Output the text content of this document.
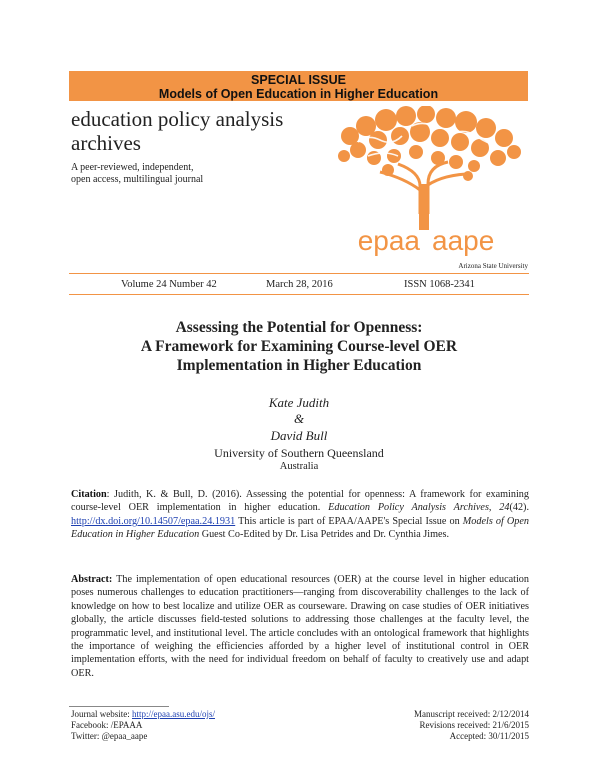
SPECIAL ISSUE
Models of Open Education in Higher Education
education policy analysis
archives
A peer-reviewed, independent,
open access, multilingual journal
epaa aape
Arizona State University
Volume 24 Number 42	March 28, 2016	ISSN 1068-2341
Assessing the Potential for Openness:
A Framework for Examining Course-level OER
Implementation in Higher Education
Kate Judith
&
David Bull
University of Southern Queensland
Australia
Citation: Judith, K. & Bull, D. (2016). Assessing the potential for openness: A framework for examining course-level OER implementation in higher education. Education Policy Analysis Archives, 24(42). http://dx.doi.org/10.14507/epaa.24.1931 This article is part of EPAA/AAPE's Special Issue on Models of Open Education in Higher Education Guest Co-Edited by Dr. Lisa Petrides and Dr. Cynthia Jimes.
Abstract: The implementation of open educational resources (OER) at the course level in higher education poses numerous challenges to education practitioners—ranging from discoverability challenges to the lack of knowledge on how to best localize and utilize OER as courseware. Drawing on case studies of OER initiatives globally, the article discusses field-tested solutions to addressing those challenges at the faculty level, the programmatic level, and institutional level. The article concludes with an ontological framework that highlights the importance of weighing the efficiencies afforded by a higher level of institutional control in OER implementation efforts, with the need for individual freedom on behalf of faculty to creatively use and adapt OER.
Journal website: http://epaa.asu.edu/ojs/
Facebook: /EPAAA
Twitter: @epaa_aape
Manuscript received: 2/12/2014
Revisions received: 21/6/2015
Accepted: 30/11/2015
